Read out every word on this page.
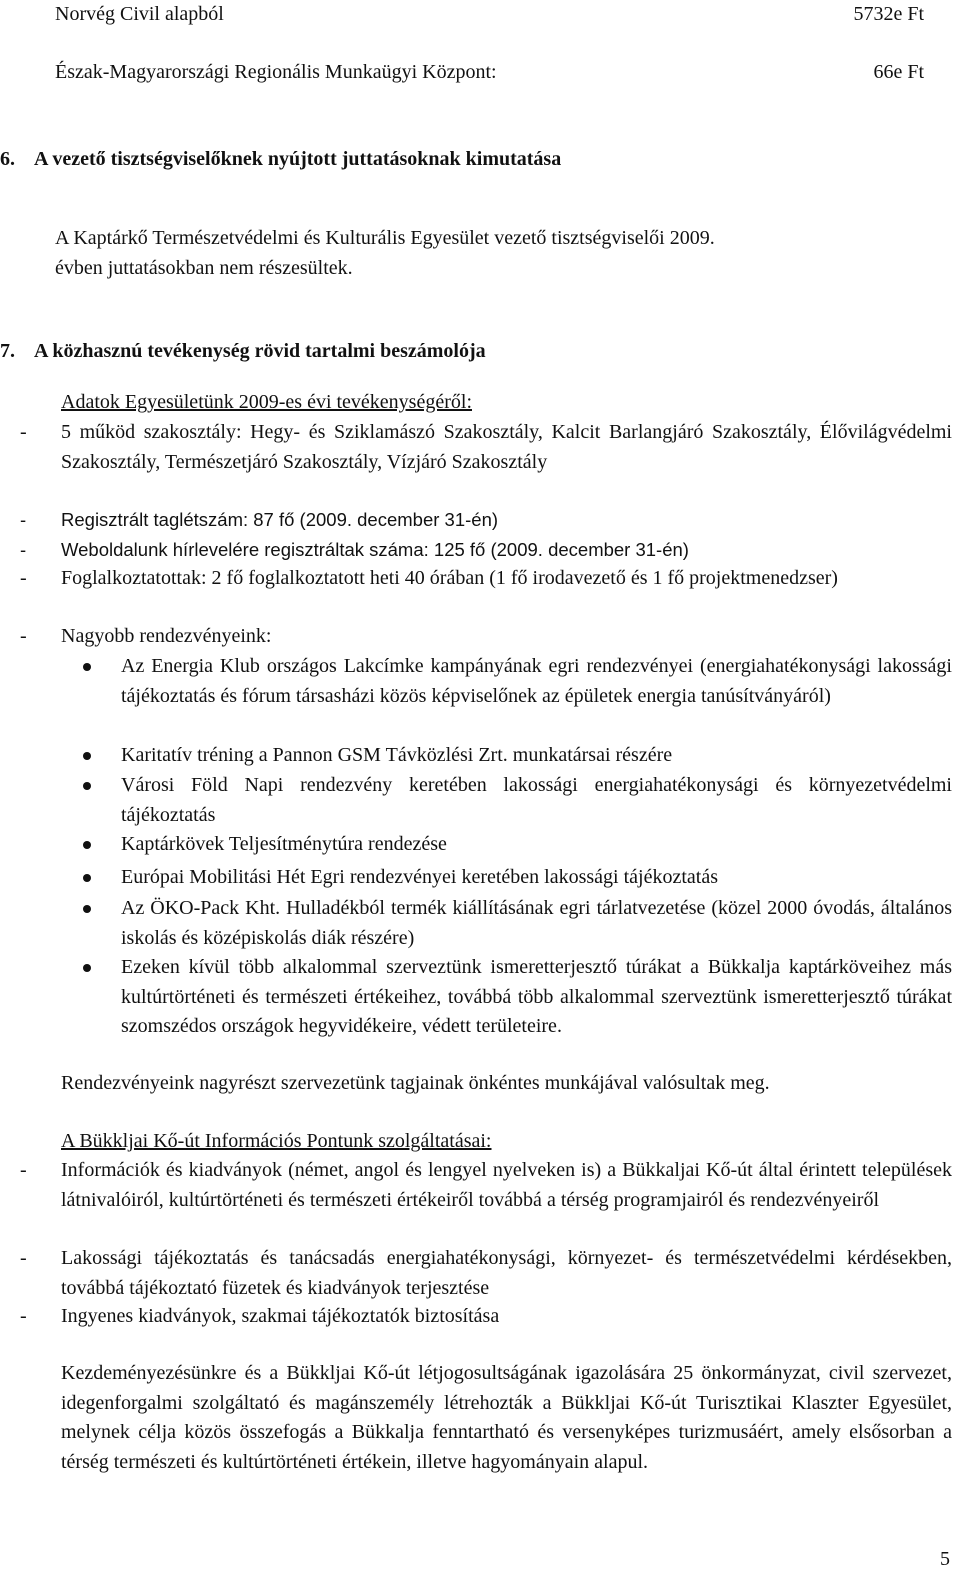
Norvég Civil alapból	5732e Ft
Észak-Magyarországi Regionális Munkaügyi Központ:	66e Ft
6. A vezető tisztségviselőknek nyújtott juttatásoknak kimutatása
A Kaptárkő Természetvédelmi és Kulturális Egyesület vezető tisztségviselői 2009. évben juttatásokban nem részesültek.
7. A közhasznú tevékenység rövid tartalmi beszámolója
Adatok Egyesületünk 2009-es évi tevékenységéről:
- 5 működ szakosztály: Hegy- és Sziklamászó Szakosztály, Kalcit Barlangjáró Szakosztály, Élővilágvédelmi Szakosztály, Természetjáró Szakosztály, Vízjáró Szakosztály
- Regisztrált taglétszám: 87 fő (2009. december 31-én)
- Weboldalunk hírlevelére regisztráltak száma: 125 fő (2009. december 31-én)
- Foglalkoztatottak: 2 fő foglalkoztatott heti 40 órában (1 fő irodavezető és 1 fő projektmenedzser)
- Nagyobb rendezvényeink:
Az Energia Klub országos Lakcímke kampányának egri rendezvényei (energiahatékonysági lakossági tájékoztatás és fórum társasházi közös képviselőnek az épületek energia tanúsítványáról)
Karitatív tréning a Pannon GSM Távközlési Zrt. munkatársai részére
Városi Föld Napi rendezvény keretében lakossági energiahatékonysági és környezetvédelmi tájékoztatás
Kaptárkövek Teljesítménytúra rendezése
Európai Mobilitási Hét Egri rendezvényei keretében lakossági tájékoztatás
Az ÖKO-Pack Kht. Hulladékból termék kiállításának egri tárlatvezetése (közel 2000 óvodás, általános iskolás és középiskolás diák részére)
Ezeken kívül több alkalommal szerveztünk ismeretterjesztő túrákat a Bükkalja kaptárköveihez más kultúrtörténeti és természeti értékeihez, továbbá több alkalommal szerveztünk ismeretterjesztő túrákat szomszédos országok hegyvidékeire, védett területeire.
Rendezvényeink nagyrészt szervezetünk tagjainak önkéntes munkájával valósultak meg.
A Bükkljai Kő-út Információs Pontunk szolgáltatásai:
- Információk és kiadványok (német, angol és lengyel nyelveken is) a Bükkaljai Kő-út által érintett települések látnivalóiról, kultúrtörténeti és természeti értékeiről továbbá a térség programjairól és rendezvényeiről
- Lakossági tájékoztatás és tanácsadás energiahatékonysági, környezet- és természetvédelmi kérdésekben, továbbá tájékoztató füzetek és kiadványok terjesztése
- Ingyenes kiadványok, szakmai tájékoztatók biztosítása
Kezdeményezésünkre és a Bükkljai Kő-út létjogosultságának igazolására 25 önkormányzat, civil szervezet, idegenforgalmi szolgáltató és magánszemély létrehozták a Bükkljai Kő-út Turisztikai Klaszter Egyesület, melynek célja közös összefogás a Bükkalja fenntartható és versenyképes turizmusáért, amely elsősorban a térség természeti és kultúrtörténeti értékein, illetve hagyományain alapul.
5
